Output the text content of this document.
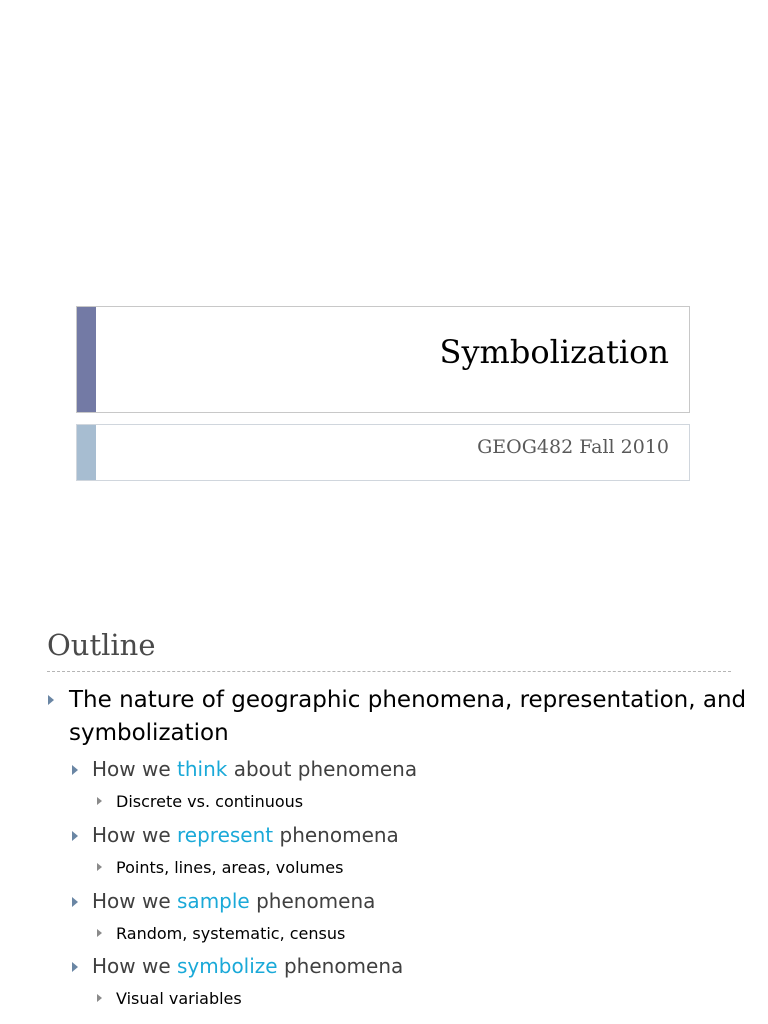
Symbolization
GEOG482 Fall 2010
Outline
The nature of geographic phenomena, representation, and
symbolization
How we think about phenomena
Discrete vs. continuous
How we represent phenomena
Points, lines, areas, volumes
How we sample phenomena
Random, systematic, census
How we symbolize phenomena
Visual variables
